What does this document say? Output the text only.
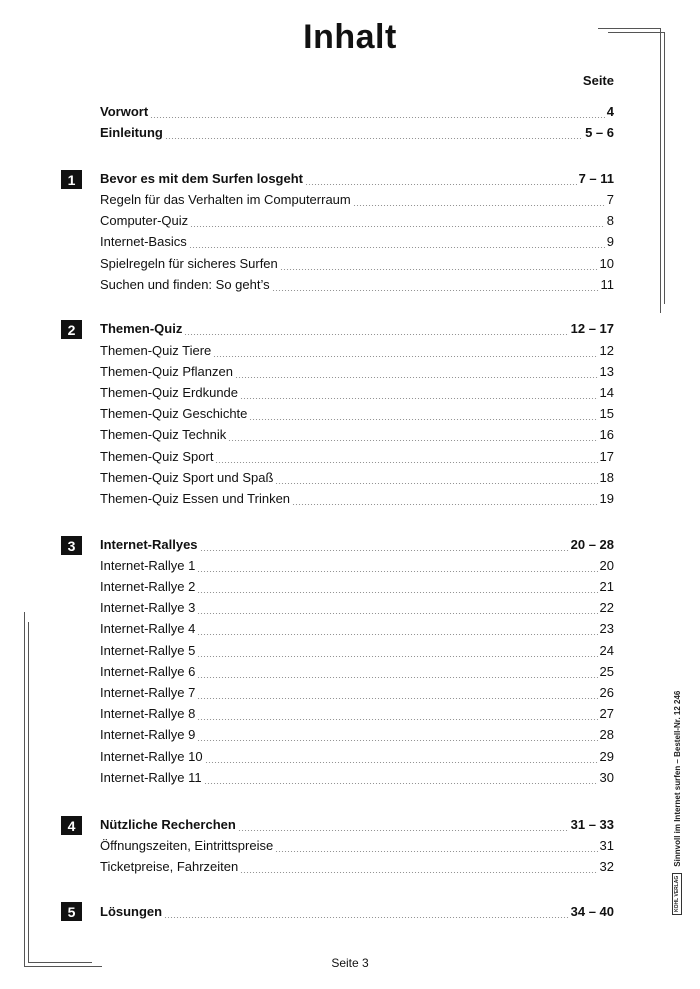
Inhalt
Seite
Vorwort	4
Einleitung	5 – 6
1	Bevor es mit dem Surfen losgeht	7 – 11
Regeln für das Verhalten im Computerraum	7
Computer-Quiz	8
Internet-Basics	9
Spielregeln für sicheres Surfen	10
Suchen und finden: So geht’s	11
2	Themen-Quiz	12 – 17
Themen-Quiz Tiere	12
Themen-Quiz Pflanzen	13
Themen-Quiz Erdkunde	14
Themen-Quiz Geschichte	15
Themen-Quiz Technik	16
Themen-Quiz Sport	17
Themen-Quiz Sport und Spaß	18
Themen-Quiz Essen und Trinken	19
3	Internet-Rallyes	20 – 28
Internet-Rallye 1	20
Internet-Rallye 2	21
Internet-Rallye 3	22
Internet-Rallye 4	23
Internet-Rallye 5	24
Internet-Rallye 6	25
Internet-Rallye 7	26
Internet-Rallye 8	27
Internet-Rallye 9	28
Internet-Rallye 10	29
Internet-Rallye 11	30
4	Nützliche Recherchen	31 – 33
Öffnungszeiten, Eintrittspreise	31
Ticketpreise, Fahrzeiten	32
5	Lösungen	34 – 40
Seite 3
KOHL VERLAG
Sinnvoll im Internet surfen – Bestell-Nr. 12 246
